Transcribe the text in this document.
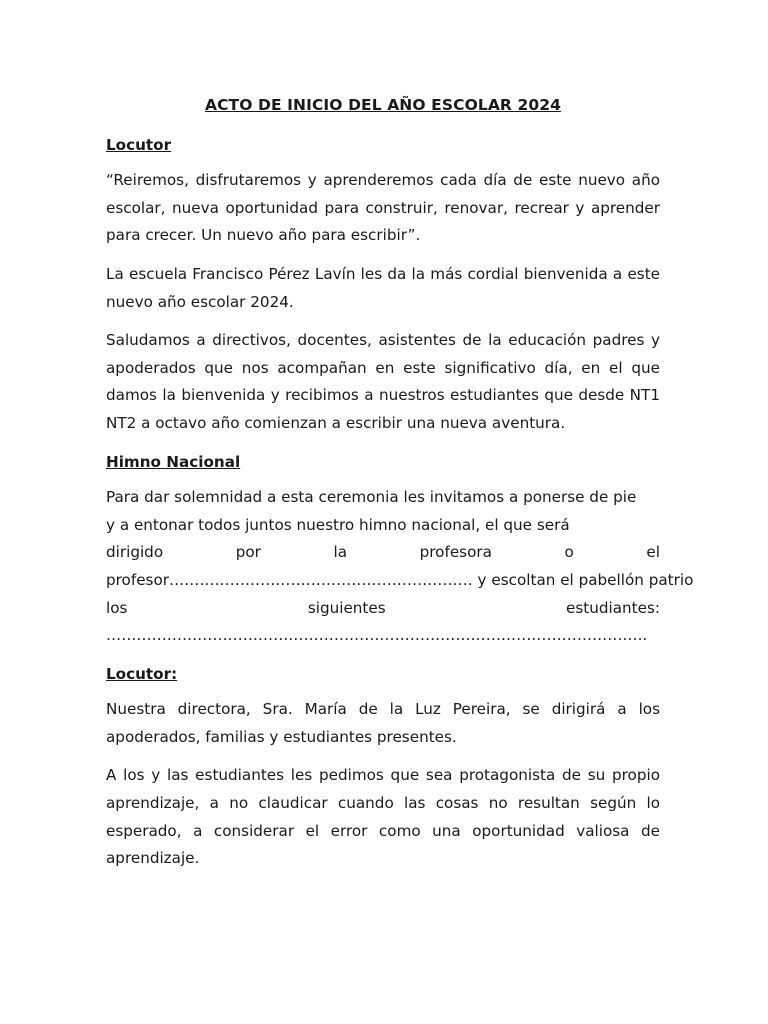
ACTO DE INICIO DEL AÑO ESCOLAR 2024
Locutor

“Reiremos, disfrutaremos y aprenderemos cada día de este nuevo año escolar, nueva oportunidad para construir, renovar, recrear y aprender para crecer. Un nuevo año para escribir”.

La escuela Francisco Pérez Lavín les da la más cordial bienvenida a este nuevo año escolar 2024.

Saludamos a directivos, docentes, asistentes de la educación padres y apoderados que nos acompañan en este significativo día, en el que damos la bienvenida y recibimos a nuestros estudiantes que desde NT1 NT2 a octavo año comienzan a escribir una nueva aventura.

Himno Nacional
Para dar solemnidad a esta ceremonia les invitamos a ponerse de pie
y a entonar todos juntos nuestro himno nacional, el que será
dirigido	por	la	profesora	o	el
profesor…………………………………………………… y escoltan el pabellón patrio
los	siguientes	estudiantes:
……………………………………………………………………………………………..
Locutor:

Nuestra directora, Sra. María de la Luz Pereira, se dirigirá a los apoderados, familias y estudiantes presentes.

A los y las estudiantes les pedimos que sea protagonista de su propio aprendizaje, a no claudicar cuando las cosas no resultan según lo esperado, a considerar el error como una oportunidad valiosa de aprendizaje.
